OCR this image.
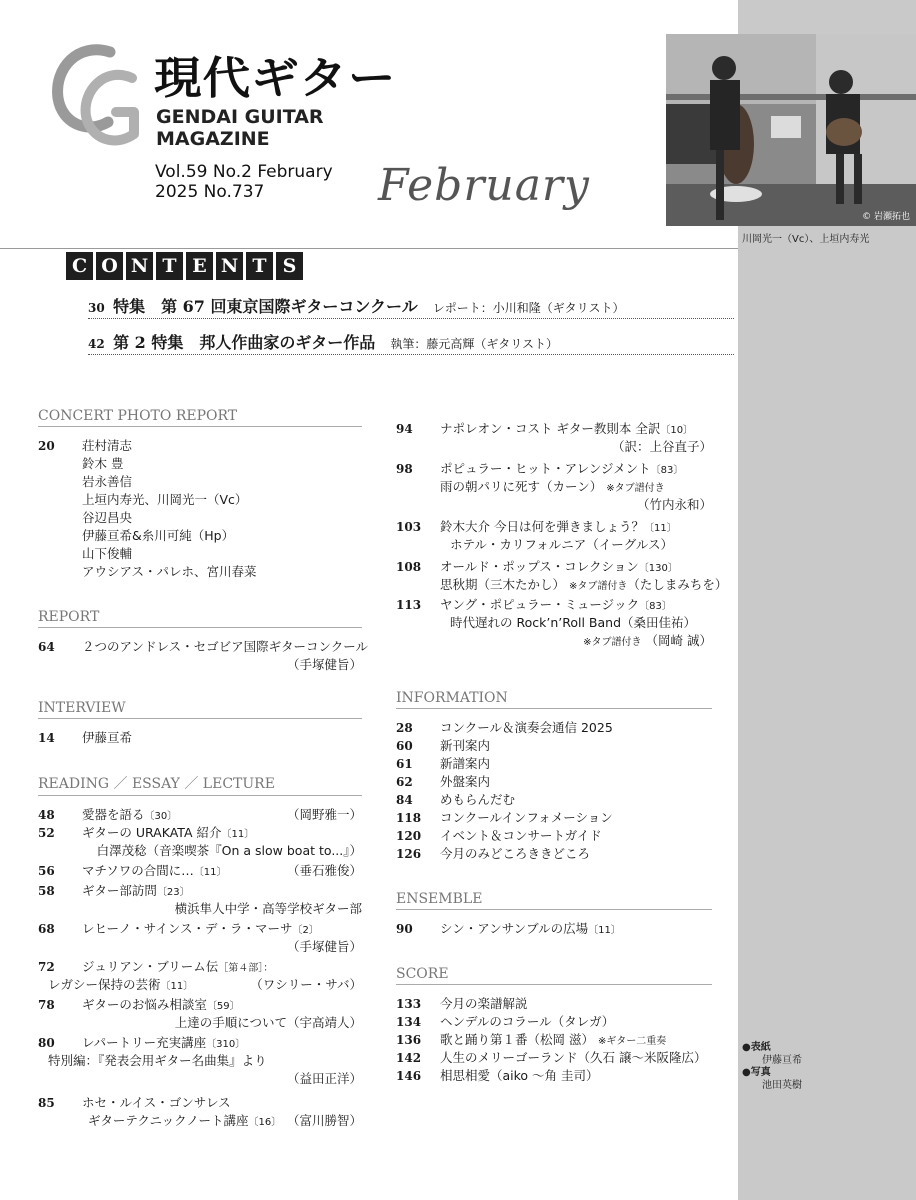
© 岩瀬拓也
川岡光一（Vc）、上垣内寿光
●表紙
伊藤亘希
●写真
池田英樹
現代ギター
GENDAI GUITAR
MAGAZINE
Vol.59 No.2 February
2025 No.737	February
C O N T E N T S
30 特集　第 67 回東京国際ギターコンクール レポート：小川和隆（ギタリスト）
42 第 2 特集　邦人作曲家のギター作品 執筆：藤元高輝（ギタリスト）
CONCERT PHOTO REPORT
20	荘村清志
鈴木 豊
岩永善信
上垣内寿光、川岡光一（Vc）
谷辺昌央
伊藤亘希&糸川可純（Hp）
山下俊輔
アウシアス・パレホ、宮川春菜
REPORT
64	２つのアンドレス・セゴビア国際ギターコンクール
（手塚健旨）
INTERVIEW
14	伊藤亘希
READING ／ ESSAY ／ LECTURE
48	愛器を語る〔30〕	（岡野雅一）
52	ギターの URAKATA 紹介〔11〕
白澤茂稔（音楽喫茶『On a slow boat to...』）
56	マチソワの合間に…〔11〕	（垂石雅俊）
58	ギター部訪問〔23〕
横浜隼人中学・高等学校ギター部
68	レヒーノ・サインス・デ・ラ・マーサ〔2〕
（手塚健旨）
72	ジュリアン・ブリーム伝［第４部］：
レガシー保持の芸術〔11〕	（ワシリー・サバ）
78	ギターのお悩み相談室〔59〕
上達の手順について（宇高靖人）
80	レパートリー充実講座〔310〕
特別編：『発表会用ギター名曲集』より
（益田正洋）
85	ホセ・ルイス・ゴンサレス
ギターテクニックノート講座〔16〕 （富川勝智）
94	ナポレオン・コスト ギター教則本 全訳〔10〕
（訳：上谷直子）
98	ポピュラー・ヒット・アレンジメント〔83〕
雨の朝パリに死す（カーン） ※タブ譜付き
（竹内永和）
103	鈴木大介 今日は何を弾きましょう？〔11〕
ホテル・カリフォルニア（イーグルス）
108	オールド・ポップス・コレクション〔130〕
思秋期（三木たかし） ※タブ譜付き （たしまみちを）
113	ヤング・ポピュラー・ミュージック〔83〕
時代遅れの Rock’n’Roll Band（桑田佳祐）
※タブ譜付き （岡崎 誠）
INFORMATION
28	コンクール＆演奏会通信 2025
60	新刊案内
61	新譜案内
62	外盤案内
84	めもらんだむ
118	コンクールインフォメーション
120	イベント＆コンサートガイド
126	今月のみどころききどころ
ENSEMBLE
90	シン・アンサンブルの広場〔11〕
SCORE
133	今月の楽譜解説
134	ヘンデルのコラール（タレガ）
136	歌と踊り第１番（松岡 滋） ※ギター二重奏
142	人生のメリーゴーランド（久石 譲〜米阪隆広）
146	相思相愛（aiko 〜角 圭司）
